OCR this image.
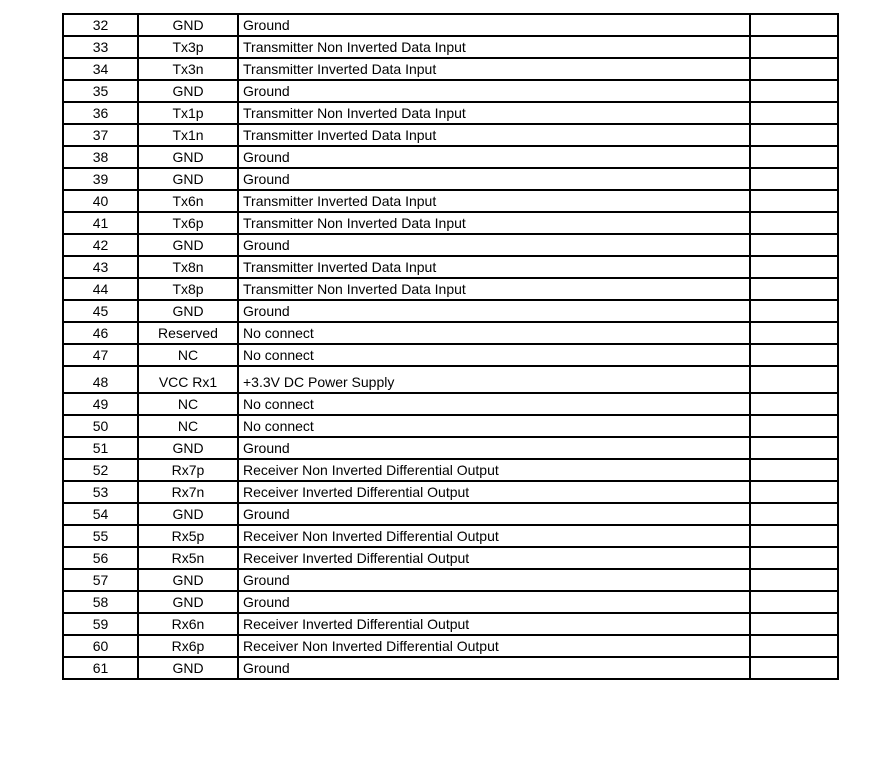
32	GND	Ground	
33	Tx3p	Transmitter Non Inverted Data Input	
34	Tx3n	Transmitter Inverted Data Input	
35	GND	Ground	
36	Tx1p	Transmitter Non Inverted Data Input	
37	Tx1n	Transmitter Inverted Data Input	
38	GND	Ground	
39	GND	Ground	
40	Tx6n	Transmitter Inverted Data Input	
41	Tx6p	Transmitter Non Inverted Data Input	
42	GND	Ground	
43	Tx8n	Transmitter Inverted Data Input	
44	Tx8p	Transmitter Non Inverted Data Input	
45	GND	Ground	
46	Reserved	No connect	
47	NC	No connect	
48	VCC Rx1	+3.3V DC Power Supply	
49	NC	No connect	
50	NC	No connect	
51	GND	Ground	
52	Rx7p	Receiver Non Inverted Differential Output	
53	Rx7n	Receiver Inverted Differential Output	
54	GND	Ground	
55	Rx5p	Receiver Non Inverted Differential Output	
56	Rx5n	Receiver Inverted Differential Output	
57	GND	Ground	
58	GND	Ground	
59	Rx6n	Receiver Inverted Differential Output	
60	Rx6p	Receiver Non Inverted Differential Output	
61	GND	Ground	
